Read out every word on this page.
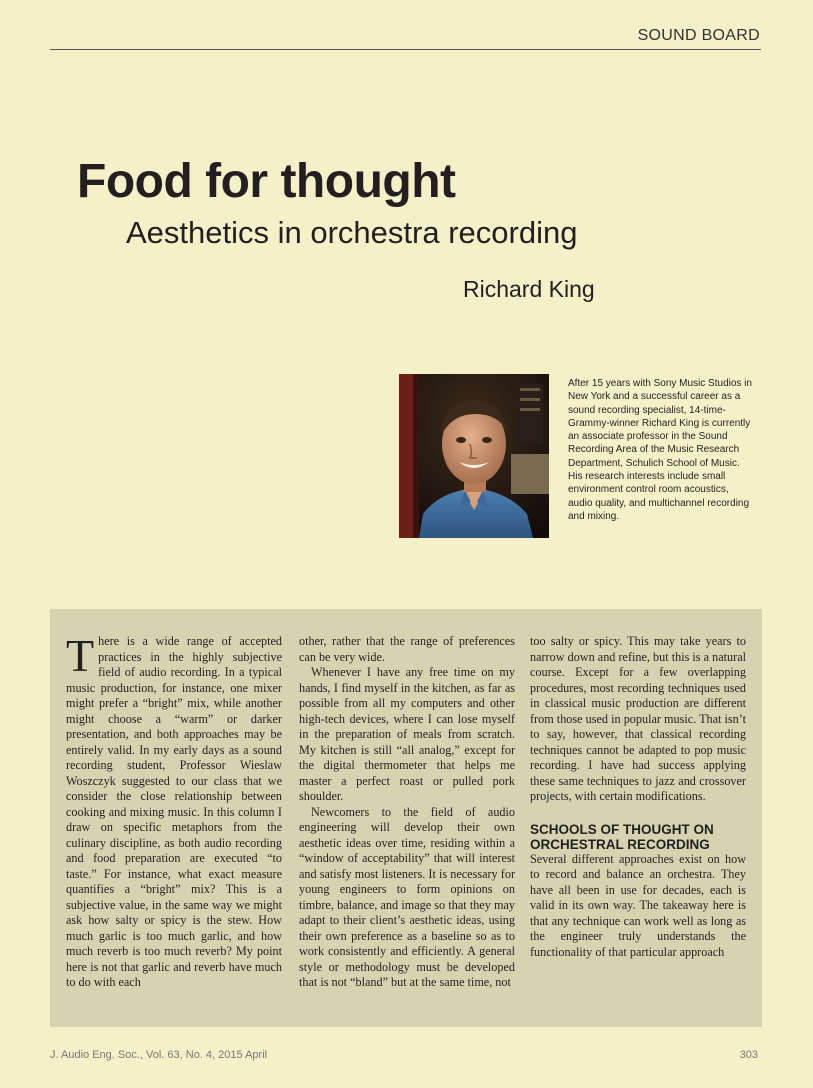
SOUND BOARD
Food for thought
Aesthetics in orchestra recording
Richard King
After 15 years with Sony Music Studios in New York and a successful career as a sound recording specialist, 14-time-Grammy-winner Richard King is currently an associate professor in the Sound Recording Area of the Music Research Department, Schulich School of Music. His research interests include small environment control room acoustics, audio quality, and multichannel recording and mixing.

There is a wide range of accepted practices in the highly subjective field of audio recording. In a typical music production, for instance, one mixer might prefer a “bright” mix, while another might choose a “warm” or darker presentation, and both approaches may be entirely valid. In my early days as a sound recording student, Professor Wieslaw Woszczyk suggested to our class that we consider the close relationship between cooking and mixing music. In this column I draw on specific metaphors from the culinary discipline, as both audio recording and food preparation are executed “to taste.” For instance, what exact measure quantifies a “bright” mix? This is a subjective value, in the same way we might ask how salty or spicy is the stew. How much garlic is too much garlic, and how much reverb is too much reverb? My point here is not that garlic and reverb have much to do with each

other, rather that the range of preferences can be very wide.

Whenever I have any free time on my hands, I find myself in the kitchen, as far as possible from all my computers and other high-tech devices, where I can lose myself in the preparation of meals from scratch. My kitchen is still “all analog,” except for the digital thermometer that helps me master a perfect roast or pulled pork shoulder.

Newcomers to the field of audio engineering will develop their own aesthetic ideas over time, residing within a “window of acceptability” that will interest and satisfy most listeners. It is necessary for young engineers to form opinions on timbre, balance, and image so that they may adapt to their client’s aesthetic ideas, using their own preference as a baseline so as to work consistently and efficiently. A general style or methodology must be developed that is not “bland” but at the same time, not

too salty or spicy. This may take years to narrow down and refine, but this is a natural course. Except for a few overlapping procedures, most recording techniques used in classical music production are different from those used in popular music. That isn’t to say, however, that classical recording techniques cannot be adapted to pop music recording. I have had success applying these same techniques to jazz and crossover projects, with certain modifications.

SCHOOLS OF THOUGHT ON ORCHESTRAL RECORDING

Several different approaches exist on how to record and balance an orchestra. They have all been in use for decades, each is valid in its own way. The takeaway here is that any technique can work well as long as the engineer truly understands the functionality of that particular approach

J. Audio Eng. Soc., Vol. 63, No. 4, 2015 April	303
